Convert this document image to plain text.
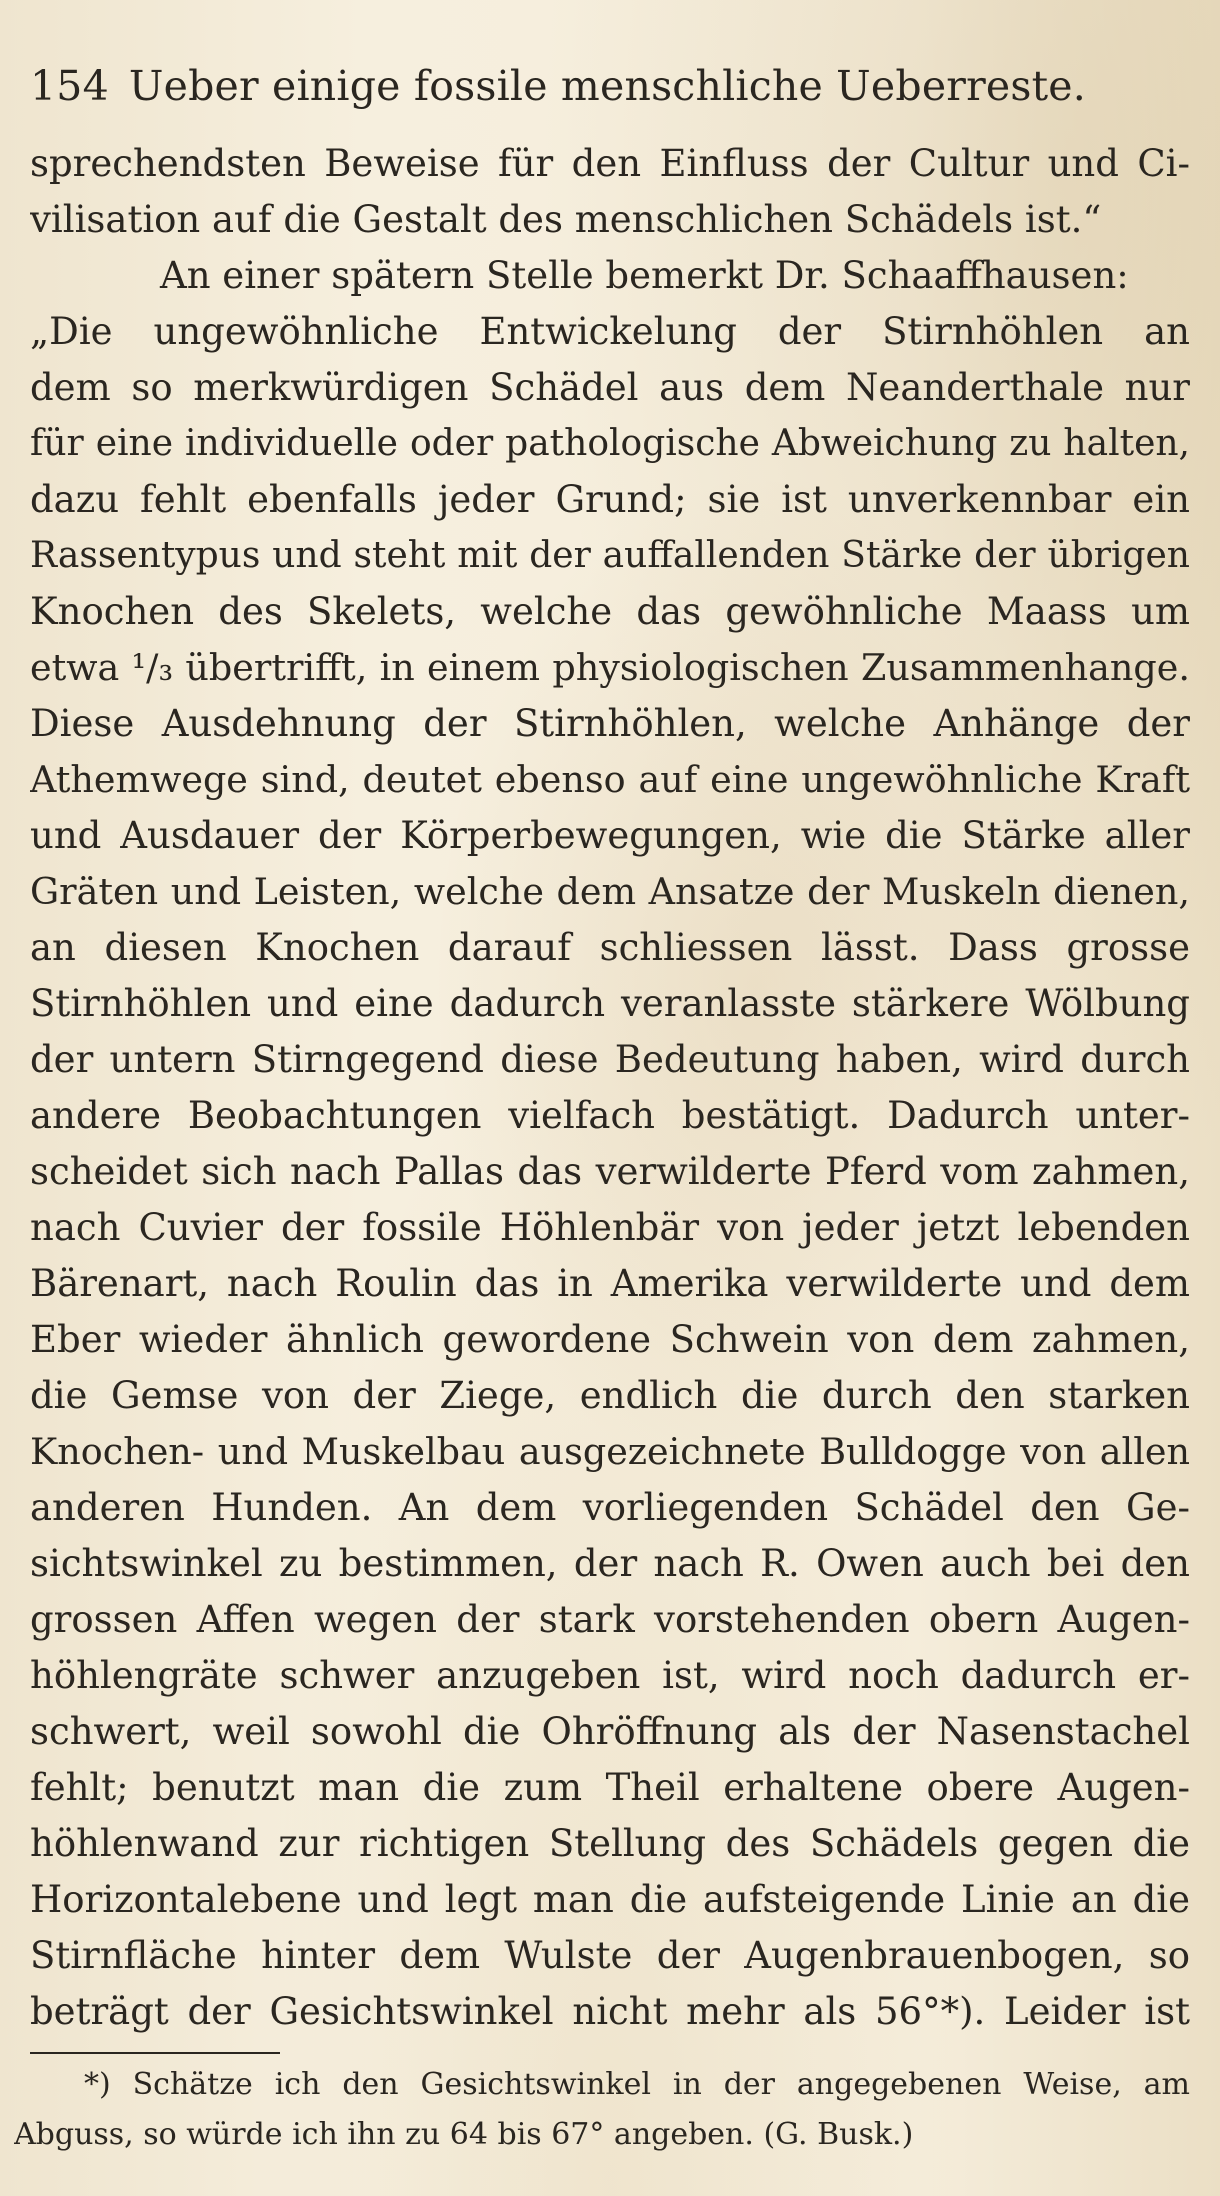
154 Ueber einige fossile menschliche Ueberreste.
sprechendsten Beweise für den Einfluss der Cultur und Ci-
vilisation auf die Gestalt des menschlichen Schädels ist.“
An einer spätern Stelle bemerkt Dr. Schaaffhausen:
„Die ungewöhnliche Entwickelung der Stirnhöhlen an
dem so merkwürdigen Schädel aus dem Neanderthale nur
für eine individuelle oder pathologische Abweichung zu halten,
dazu fehlt ebenfalls jeder Grund; sie ist unverkennbar ein
Rassentypus und steht mit der auffallenden Stärke der übrigen
Knochen des Skelets, welche das gewöhnliche Maass um
etwa ¹/₃ übertrifft, in einem physiologischen Zusammenhange.
Diese Ausdehnung der Stirnhöhlen, welche Anhänge der
Athemwege sind, deutet ebenso auf eine ungewöhnliche Kraft
und Ausdauer der Körperbewegungen, wie die Stärke aller
Gräten und Leisten, welche dem Ansatze der Muskeln dienen,
an diesen Knochen darauf schliessen lässt. Dass grosse
Stirnhöhlen und eine dadurch veranlasste stärkere Wölbung
der untern Stirngegend diese Bedeutung haben, wird durch
andere Beobachtungen vielfach bestätigt. Dadurch unter-
scheidet sich nach Pallas das verwilderte Pferd vom zahmen,
nach Cuvier der fossile Höhlenbär von jeder jetzt lebenden
Bärenart, nach Roulin das in Amerika verwilderte und dem
Eber wieder ähnlich gewordene Schwein von dem zahmen,
die Gemse von der Ziege, endlich die durch den starken
Knochen- und Muskelbau ausgezeichnete Bulldogge von allen
anderen Hunden. An dem vorliegenden Schädel den Ge-
sichtswinkel zu bestimmen, der nach R. Owen auch bei den
grossen Affen wegen der stark vorstehenden obern Augen-
höhlengräte schwer anzugeben ist, wird noch dadurch er-
schwert, weil sowohl die Ohröffnung als der Nasenstachel
fehlt; benutzt man die zum Theil erhaltene obere Augen-
höhlenwand zur richtigen Stellung des Schädels gegen die
Horizontalebene und legt man die aufsteigende Linie an die
Stirnfläche hinter dem Wulste der Augenbrauenbogen, so
beträgt der Gesichtswinkel nicht mehr als 56°*). Leider ist
*) Schätze ich den Gesichtswinkel in der angegebenen Weise, am
Abguss, so würde ich ihn zu 64 bis 67° angeben. (G. Busk.)
